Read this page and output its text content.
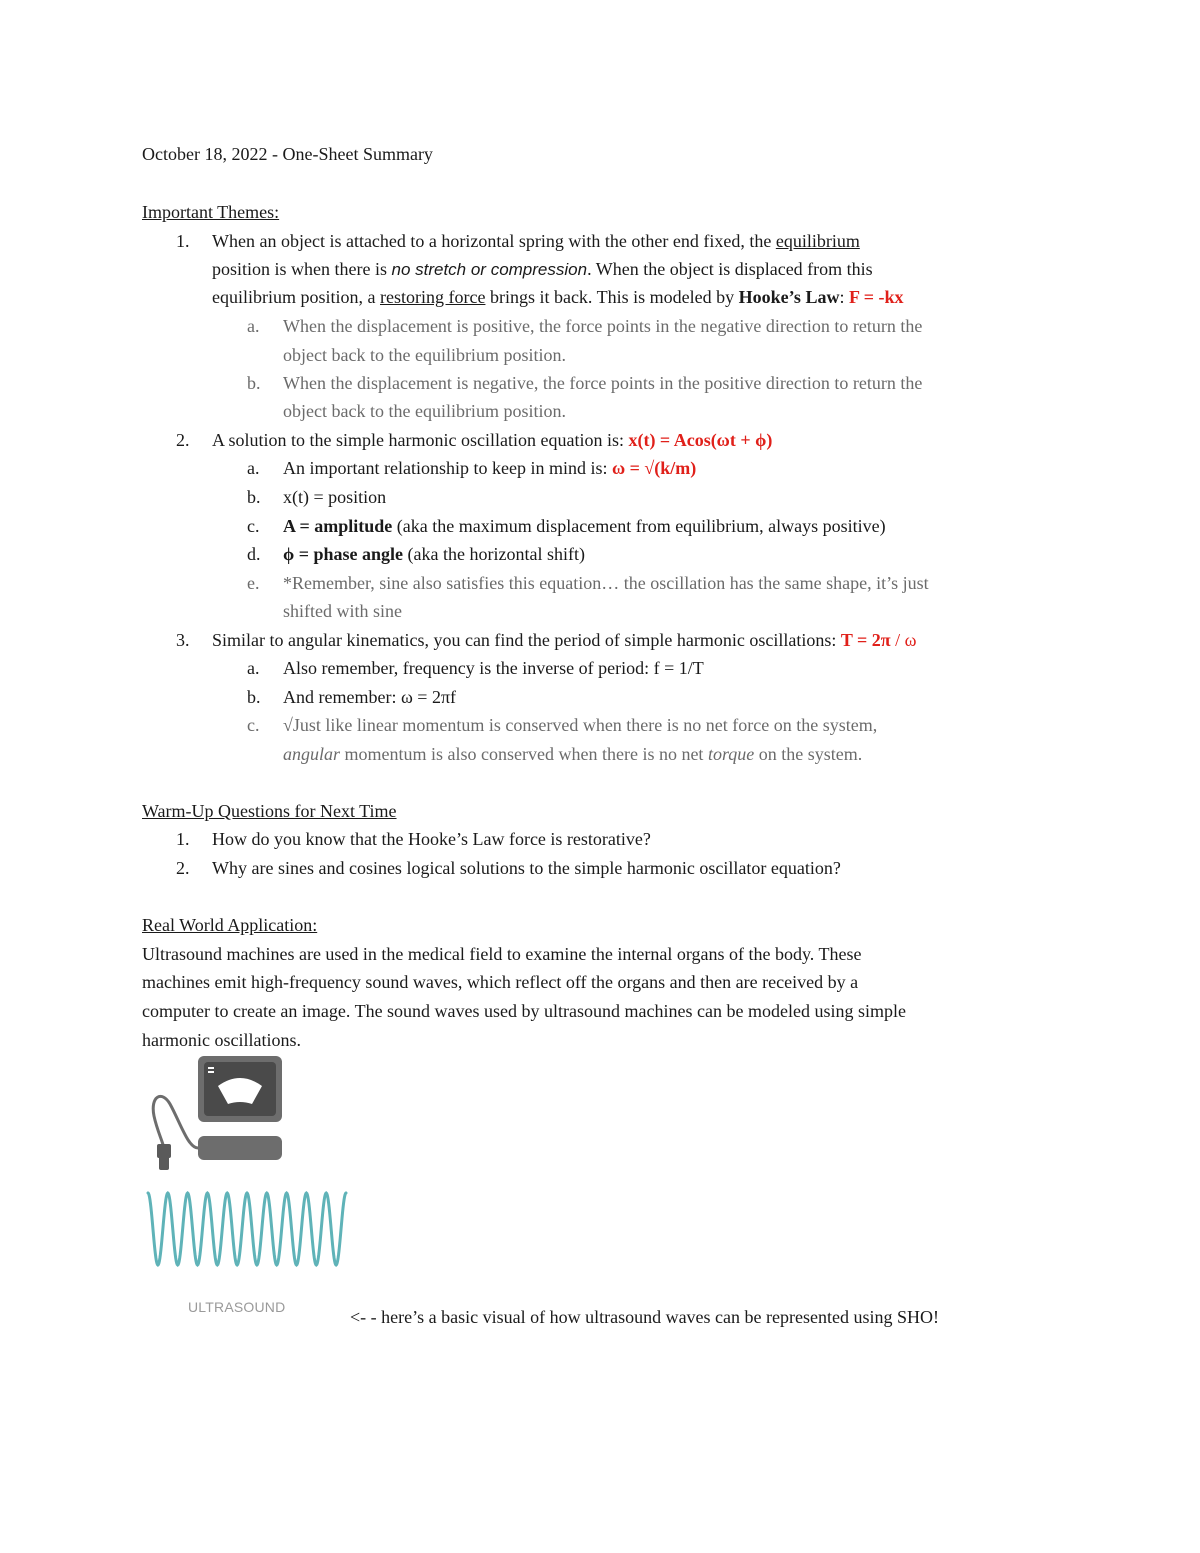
October 18, 2022 - One-Sheet Summary
Important Themes:
1. When an object is attached to a horizontal spring with the other end fixed, the equilibrium
position is when there is no stretch or compression. When the object is displaced from this
equilibrium position, a restoring force brings it back. This is modeled by Hooke’s Law: F = -kx
a. When the displacement is positive, the force points in the negative direction to return the
object back to the equilibrium position.
b. When the displacement is negative, the force points in the positive direction to return the
object back to the equilibrium position.
2. A solution to the simple harmonic oscillation equation is: x(t) = Acos(ωt + ϕ)
a. An important relationship to keep in mind is: ω = √(k/m)
b. x(t) = position
c. A = amplitude (aka the maximum displacement from equilibrium, always positive)
d. ϕ = phase angle (aka the horizontal shift)
e. *Remember, sine also satisfies this equation… the oscillation has the same shape, it’s just
shifted with sine
3. Similar to angular kinematics, you can find the period of simple harmonic oscillations: T = 2π / ω
a. Also remember, frequency is the inverse of period: f = 1/T
b. And remember: ω = 2πf
c. √Just like linear momentum is conserved when there is no net force on the system,
angular momentum is also conserved when there is no net torque on the system.
Warm-Up Questions for Next Time
1. How do you know that the Hooke’s Law force is restorative?
2. Why are sines and cosines logical solutions to the simple harmonic oscillator equation?
Real World Application:
Ultrasound machines are used in the medical field to examine the internal organs of the body. These
machines emit high-frequency sound waves, which reflect off the organs and then are received by a
computer to create an image. The sound waves used by ultrasound machines can be modeled using simple
harmonic oscillations.
ULTRASOUND	<- - here’s a basic visual of how ultrasound waves can be represented using SHO!
